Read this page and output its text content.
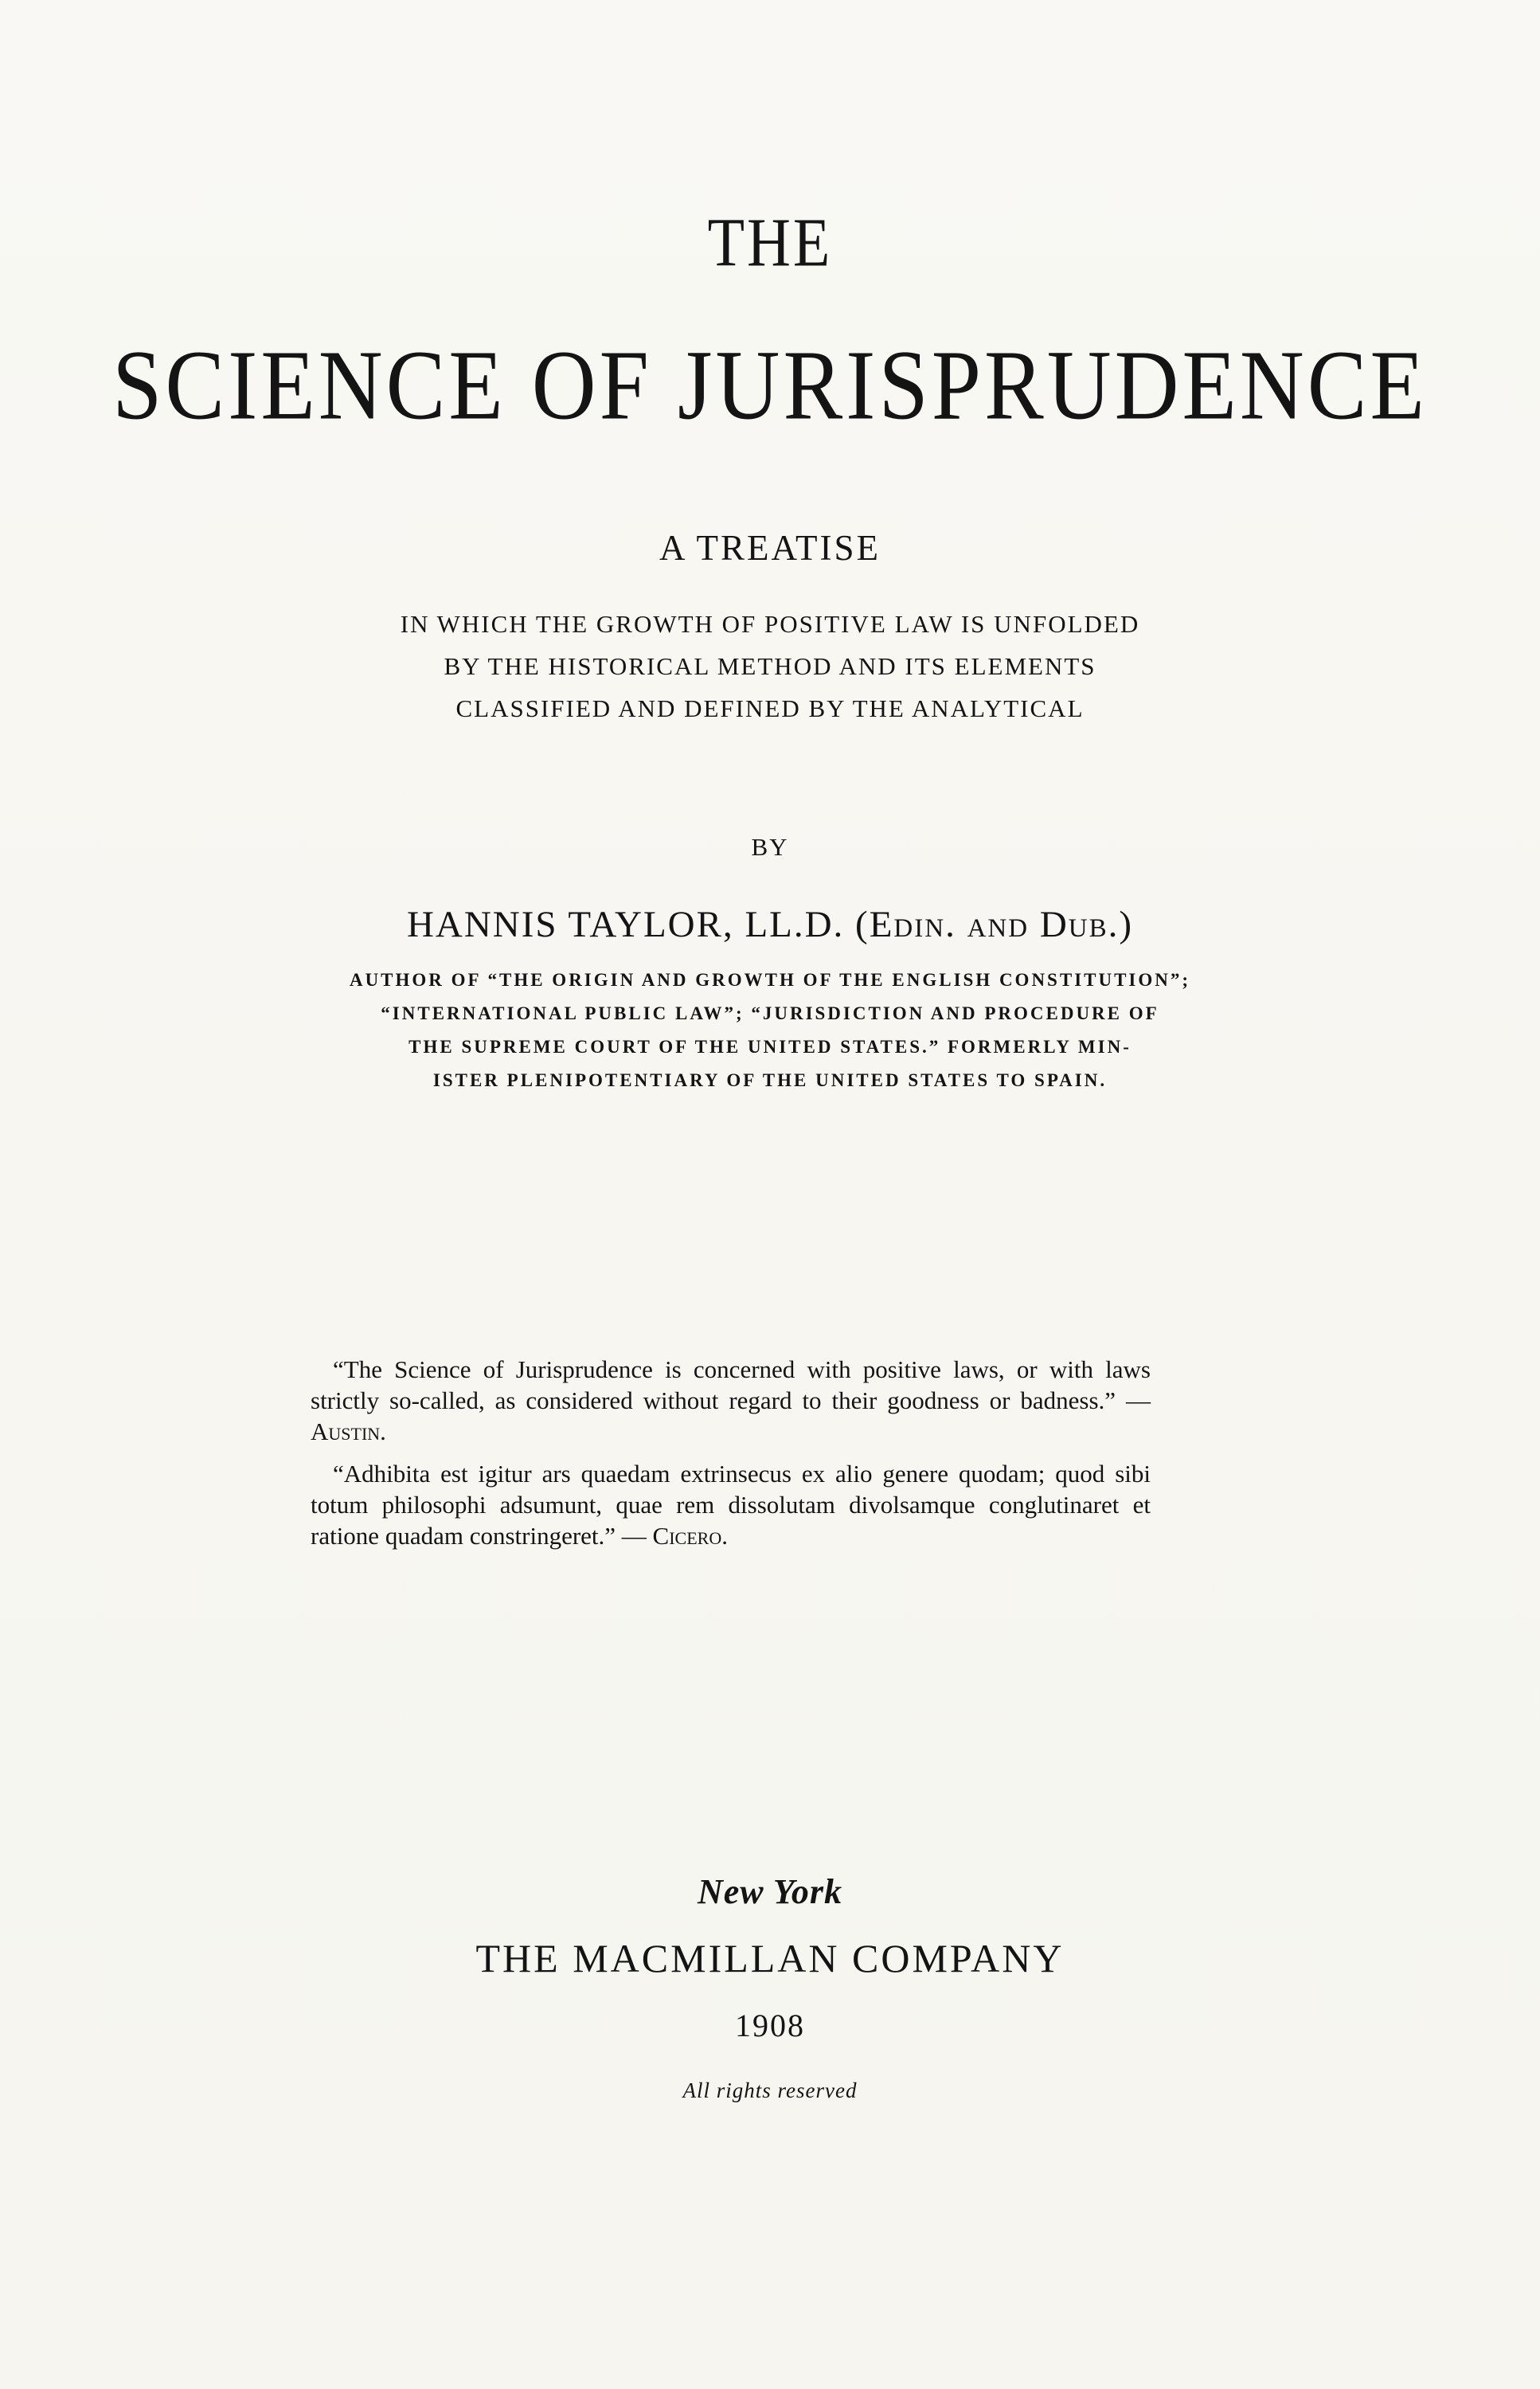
THE
SCIENCE OF JURISPRUDENCE
A TREATISE
IN WHICH THE GROWTH OF POSITIVE LAW IS UNFOLDED
BY THE HISTORICAL METHOD AND ITS ELEMENTS
CLASSIFIED AND DEFINED BY THE ANALYTICAL
BY
HANNIS TAYLOR, LL.D. (Edin. and Dub.)
AUTHOR OF “THE ORIGIN AND GROWTH OF THE ENGLISH CONSTITUTION”;
“INTERNATIONAL PUBLIC LAW”; “JURISDICTION AND PROCEDURE OF
THE SUPREME COURT OF THE UNITED STATES.” FORMERLY MIN-
ISTER PLENIPOTENTIARY OF THE UNITED STATES TO SPAIN.
“The Science of Jurisprudence is concerned with positive laws, or with laws strictly so-called, as considered without regard to their goodness or badness.” — Austin.
“Adhibita est igitur ars quaedam extrinsecus ex alio genere quodam; quod sibi totum philosophi adsumunt, quae rem dissolutam divolsamque conglutinaret et ratione quadam constringeret.” — Cicero.
New York
THE MACMILLAN COMPANY
1908
All rights reserved
